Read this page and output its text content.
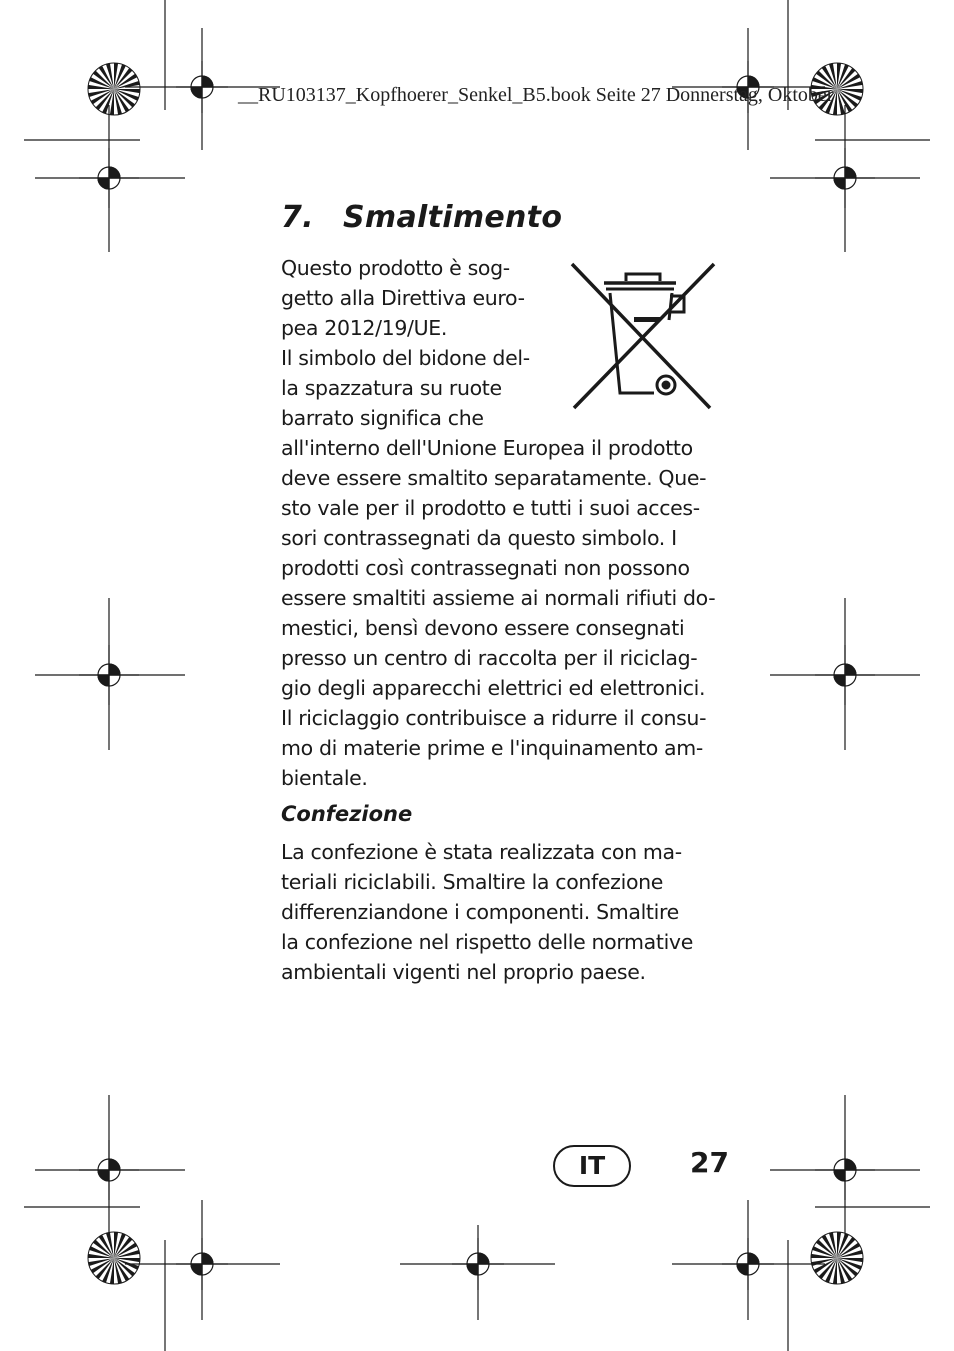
__RU103137_Kopfhoerer_Senkel_B5.book Seite 27 Donnerstag, Oktober
7. Smaltimento
Questo prodotto è sog-
getto alla Direttiva euro-
pea 2012/19/UE.
Il simbolo del bidone del-
la spazzatura su ruote
barrato significa che
all'interno dell'Unione Europea il prodotto
deve essere smaltito separatamente. Que-
sto vale per il prodotto e tutti i suoi acces-
sori contrassegnati da questo simbolo. I
prodotti così contrassegnati non possono
essere smaltiti assieme ai normali rifiuti do-
mestici, bensì devono essere consegnati
presso un centro di raccolta per il riciclag-
gio degli apparecchi elettrici ed elettronici.
Il riciclaggio contribuisce a ridurre il consu-
mo di materie prime e l'inquinamento am-
bientale.
Confezione
La confezione è stata realizzata con ma-
teriali riciclabili. Smaltire la confezione
differenziandone i componenti. Smaltire
la confezione nel rispetto delle normative
ambientali vigenti nel proprio paese.
IT	27
